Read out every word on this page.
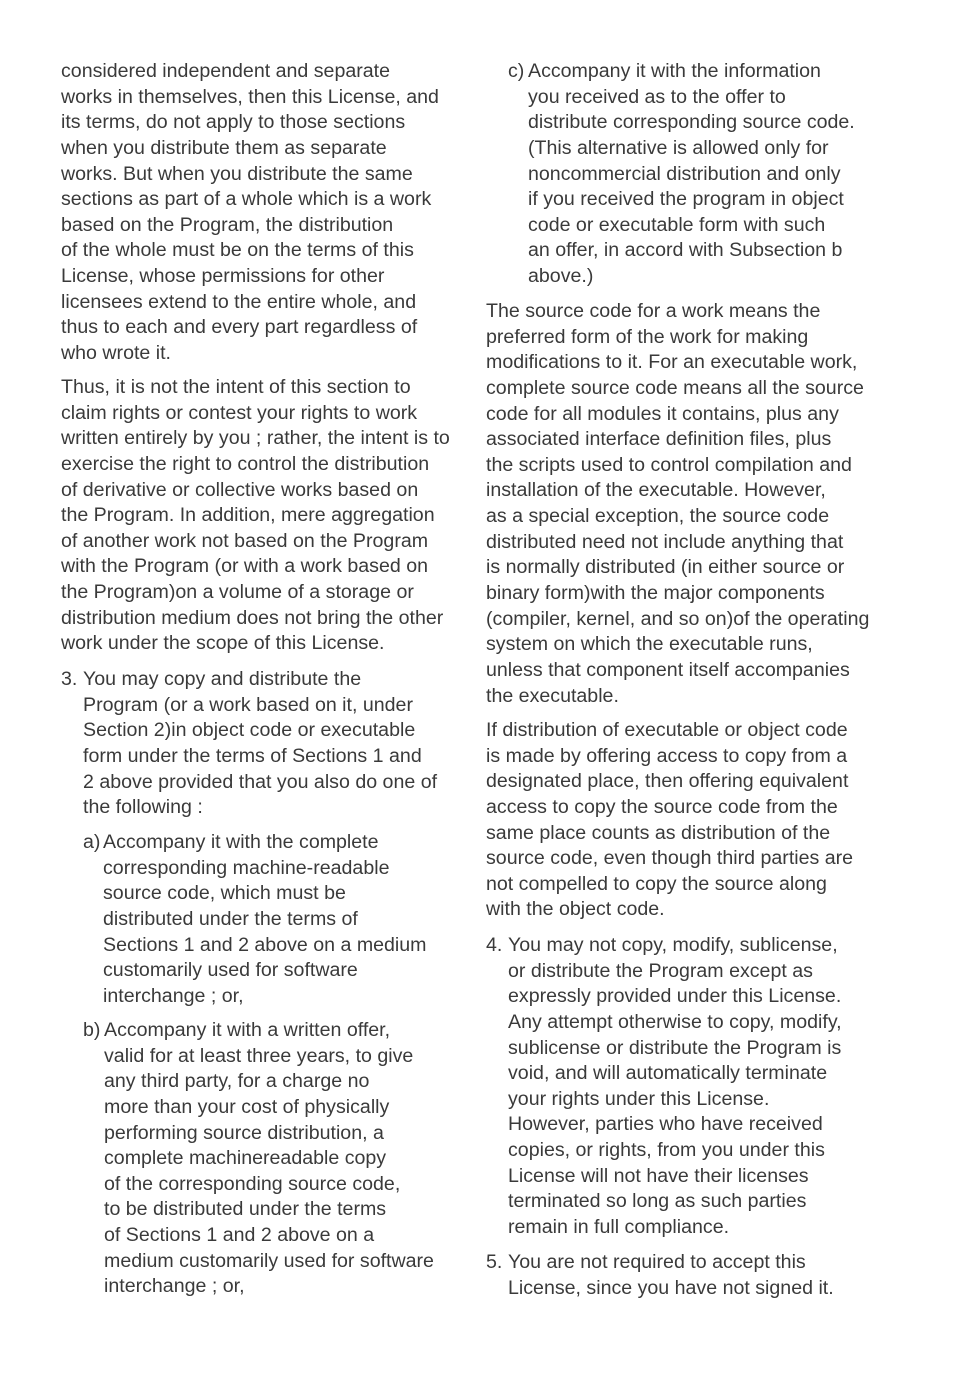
considered independent and separate
works in themselves, then this License, and
its terms, do not apply to those sections
when you distribute them as separate
works. But when you distribute the same
sections as part of a whole which is a work
based on the Program, the distribution
of the whole must be on the terms of this
License, whose permissions for other
licensees extend to the entire whole, and
thus to each and every part regardless of
who wrote it.
Thus, it is not the intent of this section to
claim rights or contest your rights to work
written entirely by you ; rather, the intent is to
exercise the right to control the distribution
of derivative or collective works based on
the Program. In addition, mere aggregation
of another work not based on the Program
with the Program (or with a work based on
the Program)on a volume of a storage or
distribution medium does not bring the other
work under the scope of this License.
3. You may copy and distribute the
Program (or a work based on it, under
Section 2)in object code or executable
form under the terms of Sections 1 and
2 above provided that you also do one of
the following :
a) Accompany it with the complete
corresponding machine-readable
source code, which must be
distributed under the terms of
Sections 1 and 2 above on a medium
customarily used for software
interchange ; or,
b) Accompany it with a written offer,
valid for at least three years, to give
any third party, for a charge no
more than your cost of physically
performing source distribution, a
complete machinereadable copy
of the corresponding source code,
to be distributed under the terms
of Sections 1 and 2 above on a
medium customarily used for software
interchange ; or,
c) Accompany it with the information
you received as to the offer to
distribute corresponding source code.
(This alternative is allowed only for
noncommercial distribution and only
if you received the program in object
code or executable form with such
an offer, in accord with Subsection b
above.)
The source code for a work means the
preferred form of the work for making
modifications to it. For an executable work,
complete source code means all the source
code for all modules it contains, plus any
associated interface definition files, plus
the scripts used to control compilation and
installation of the executable. However,
as a special exception, the source code
distributed need not include anything that
is normally distributed (in either source or
binary form)with the major components
(compiler, kernel, and so on)of the operating
system on which the executable runs,
unless that component itself accompanies
the executable.
If distribution of executable or object code
is made by offering access to copy from a
designated place, then offering equivalent
access to copy the source code from the
same place counts as distribution of the
source code, even though third parties are
not compelled to copy the source along
with the object code.
4. You may not copy, modify, sublicense,
or distribute the Program except as
expressly provided under this License.
Any attempt otherwise to copy, modify,
sublicense or distribute the Program is
void, and will automatically terminate
your rights under this License.
However, parties who have received
copies, or rights, from you under this
License will not have their licenses
terminated so long as such parties
remain in full compliance.
5. You are not required to accept this
License, since you have not signed it.
